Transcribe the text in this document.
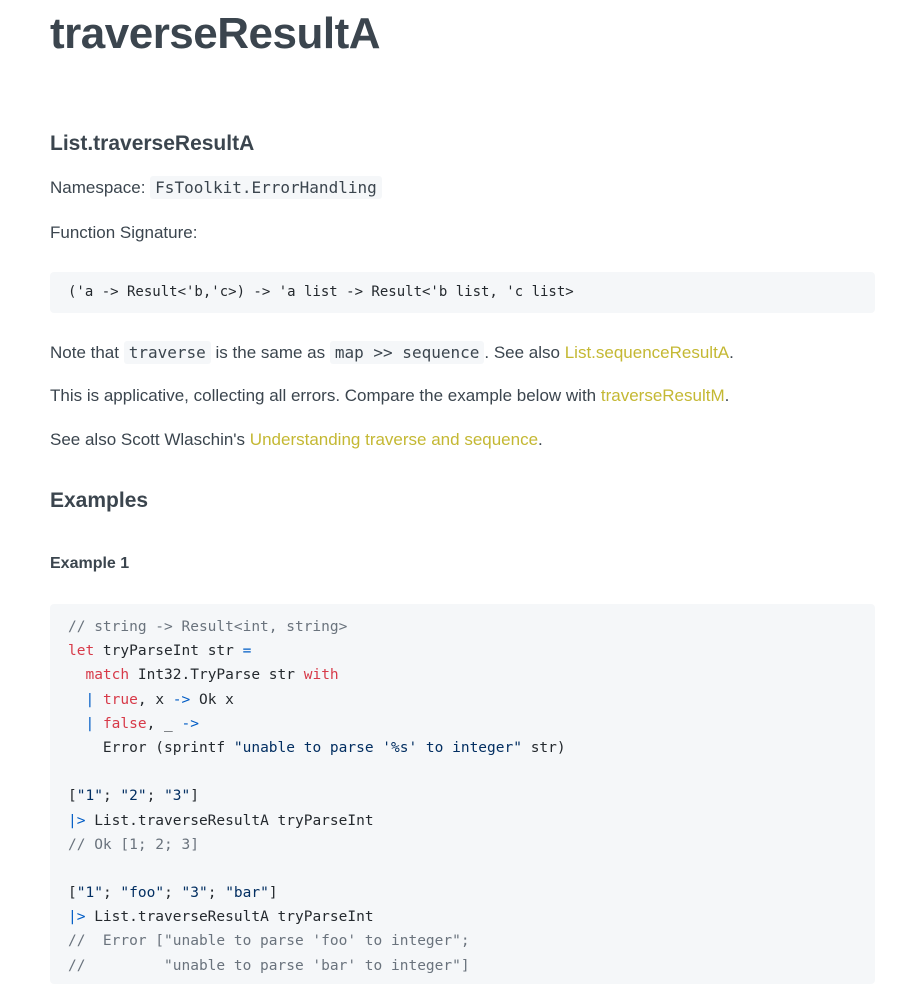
traverseResultA
List.traverseResultA

Namespace: FsToolkit.ErrorHandling

Function Signature:

('a -> Result<'b,'c>) -> 'a list -> Result<'b list, 'c list>

Note that traverse is the same as map >> sequence . See also List.sequenceResultA.

This is applicative, collecting all errors. Compare the example below with traverseResultM.

See also Scott Wlaschin's Understanding traverse and sequence.

Examples
Example 1
// string -> Result<int, string>
let tryParseInt str =
match Int32.TryParse str with
| true, x -> Ok x
| false, _ ->
Error (sprintf "unable to parse '%s' to integer" str)
["1"; "2"; "3"]
|> List.traverseResultA tryParseInt
// Ok [1; 2; 3]
["1"; "foo"; "3"; "bar"]
|> List.traverseResultA tryParseInt
//  Error ["unable to parse 'foo' to integer";
//         "unable to parse 'bar' to integer"]
